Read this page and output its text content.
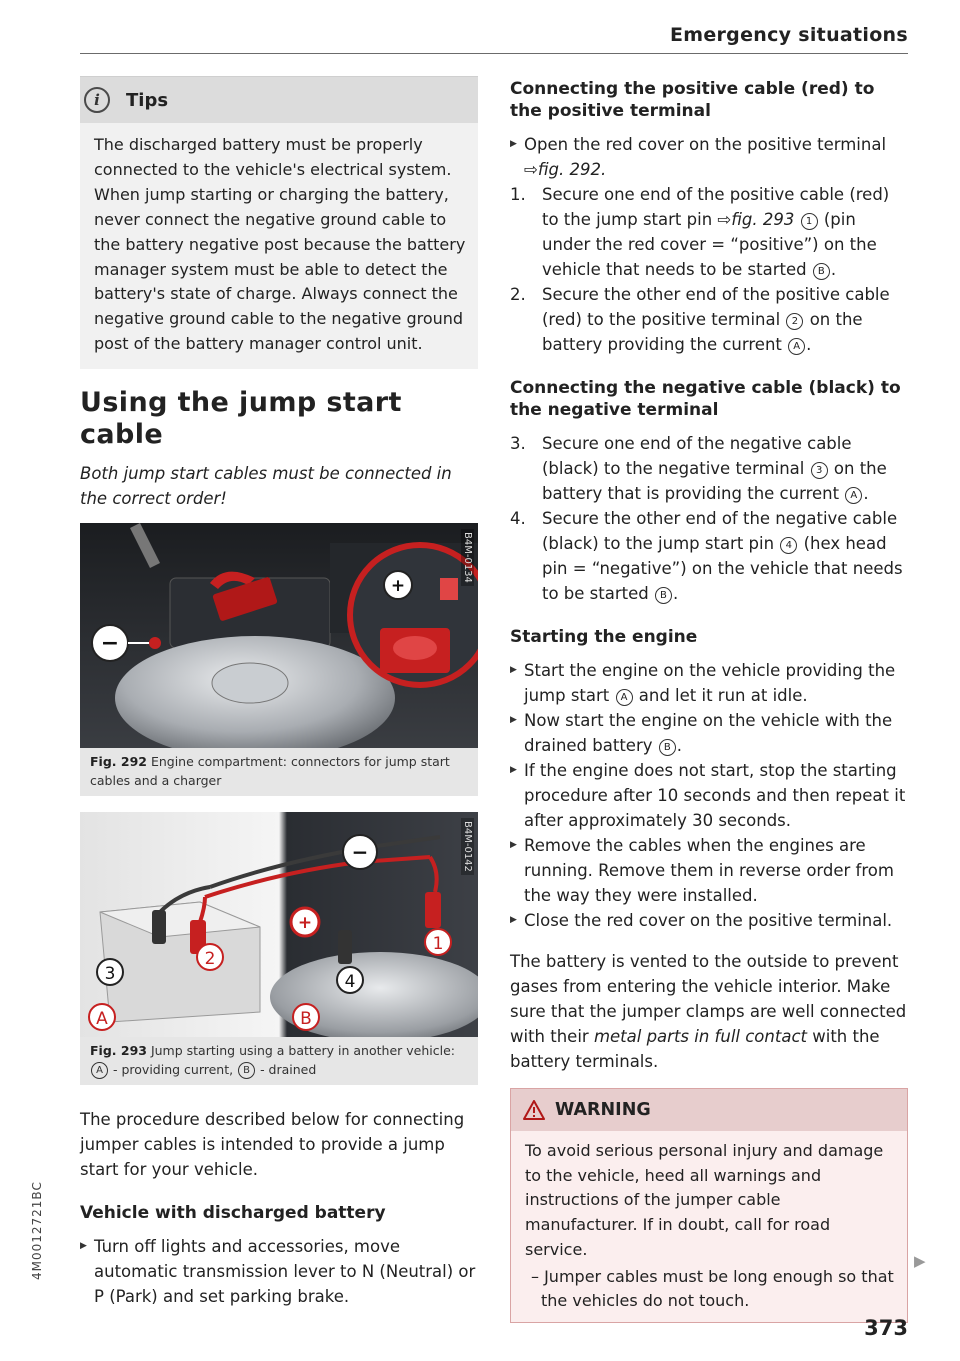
Emergency situations
i	Tips
The discharged battery must be properly connected to the vehicle's electrical system. When jump starting or charging the battery, never connect the negative ground cable to the battery negative post because the battery manager system must be able to detect the battery's state of charge. Always connect the negative ground cable to the negative ground post of the battery manager control unit.
Using the jump start cable
Both jump start cables must be connected in the correct order!
−
+
B4M-0134
Fig. 292 Engine compartment: connectors for jump start cables and a charger
−
+
2
1
3	4
A	B
B4M-0142
Fig. 293 Jump starting using a battery in another vehicle:
A - providing current, B - drained

The procedure described below for connecting jumper cables is intended to provide a jump start for your vehicle.

Vehicle with discharged battery
▶ Turn off lights and accessories, move automatic transmission lever to N (Neutral) or P (Park) and set parking brake.
Connecting the positive cable (red) to the positive terminal
▶ Open the red cover on the positive terminal
⇨fig. 292.
1. Secure one end of the positive cable (red) to the jump start pin ⇨fig. 293 1 (pin under the red cover = “positive”) on the vehicle that needs to be started B .
2. Secure the other end of the positive cable (red) to the positive terminal 2 on the battery providing the current A .
Connecting the negative cable (black) to the negative terminal
3. Secure one end of the negative cable (black) to the negative terminal 3 on the battery that is providing the current A .
4. Secure the other end of the negative cable (black) to the jump start pin 4 (hex head pin = “negative”) on the vehicle that needs to be started B .
Starting the engine
▶ Start the engine on the vehicle providing the jump start A and let it run at idle.
▶ Now start the engine on the vehicle with the drained battery B .
▶ If the engine does not start, stop the starting procedure after 10 seconds and then repeat it after approximately 30 seconds.
▶ Remove the cables when the engines are running. Remove them in reverse order from the way they were installed.
▶ Close the red cover on the positive terminal.

The battery is vented to the outside to prevent gases from entering the vehicle interior. Make sure that the jumper clamps are well connected with their metal parts in full contact with the battery terminals.

WARNING
To avoid serious personal injury and damage to the vehicle, heed all warnings and instructions of the jumper cable manufacturer. If in doubt, call for road service.
– Jumper cables must be long enough so that the vehicles do not touch.
▶
373
4M0012721BC
